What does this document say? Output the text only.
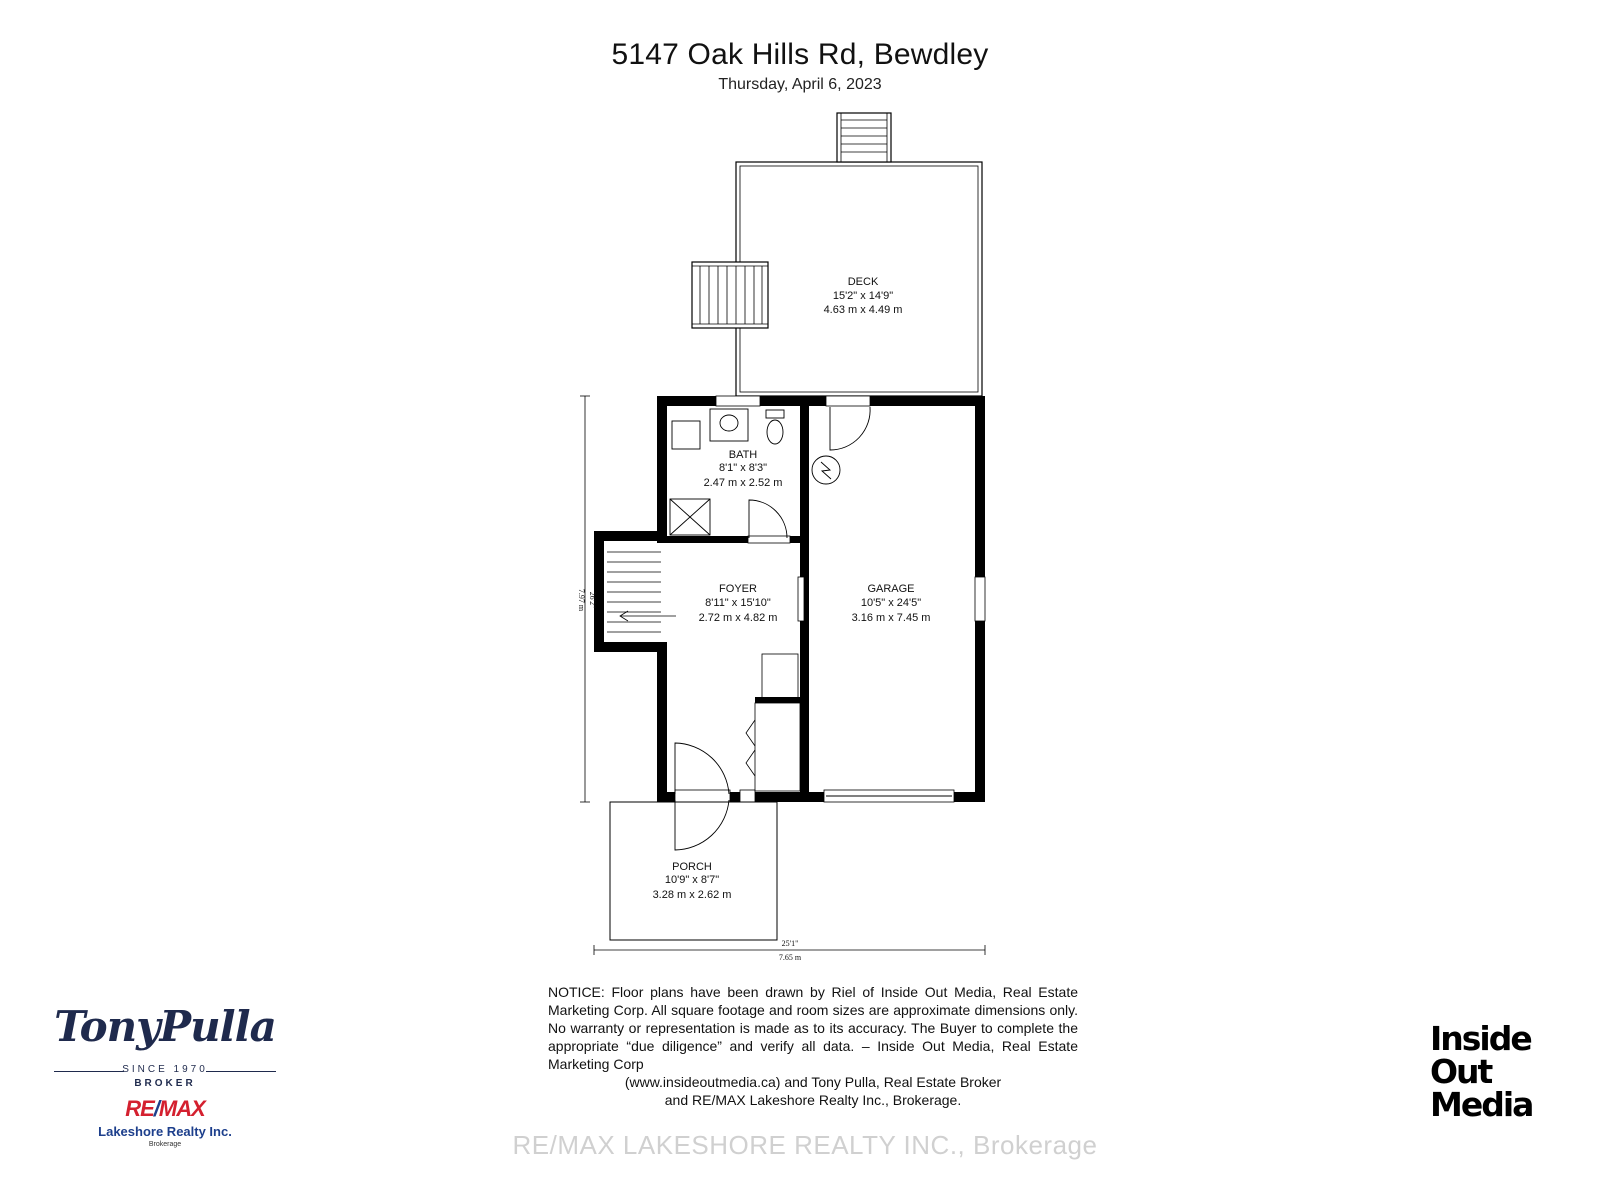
5147 Oak Hills Rd, Bewdley
Thursday, April 6, 2023
DECK
15'2" x 14'9"
4.63 m x 4.49 m
BATH
8'1" x 8'3"
2.47 m x 2.52 m
FOYER
8'11" x 15'10"
2.72 m x 4.82 m
GARAGE
10'5" x 24'5"
3.16 m x 7.45 m
PORCH
10'9" x 8'7"
3.28 m x 2.62 m
26'2"
7.97 m
25'1"
7.65 m
NOTICE: Floor plans have been drawn by Riel of Inside Out Media, Real Estate Marketing Corp. All square footage and room sizes are approximate dimensions only. No warranty or representation is made as to its accuracy. The Buyer to complete the appropriate “due diligence” and verify all data. – Inside Out Media, Real Estate Marketing Corp
(www.insideoutmedia.ca) and Tony Pulla, Real Estate Broker
and RE/MAX Lakeshore Realty Inc., Brokerage.
TonyPulla
SINCE 1970
BROKER
RE/MAX
Lakeshore Realty Inc.
Brokerage
Inside
Out
Media
RE/MAX LAKESHORE REALTY INC., Brokerage
